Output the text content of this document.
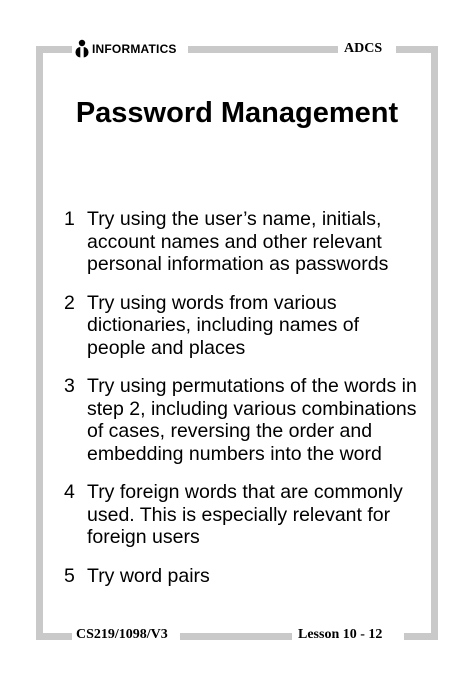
INFORMATICS	ADCS
Password Management
1 Try using the user’s name, initials, account names and other relevant personal information as passwords
2 Try using words from various dictionaries, including names of people and places
3 Try using permutations of the words in step 2, including various combinations of cases, reversing the order and embedding numbers into the word
4 Try foreign words that are commonly used. This is especially relevant for foreign users
5 Try word pairs
CS219/1098/V3	Lesson 10 - 12
